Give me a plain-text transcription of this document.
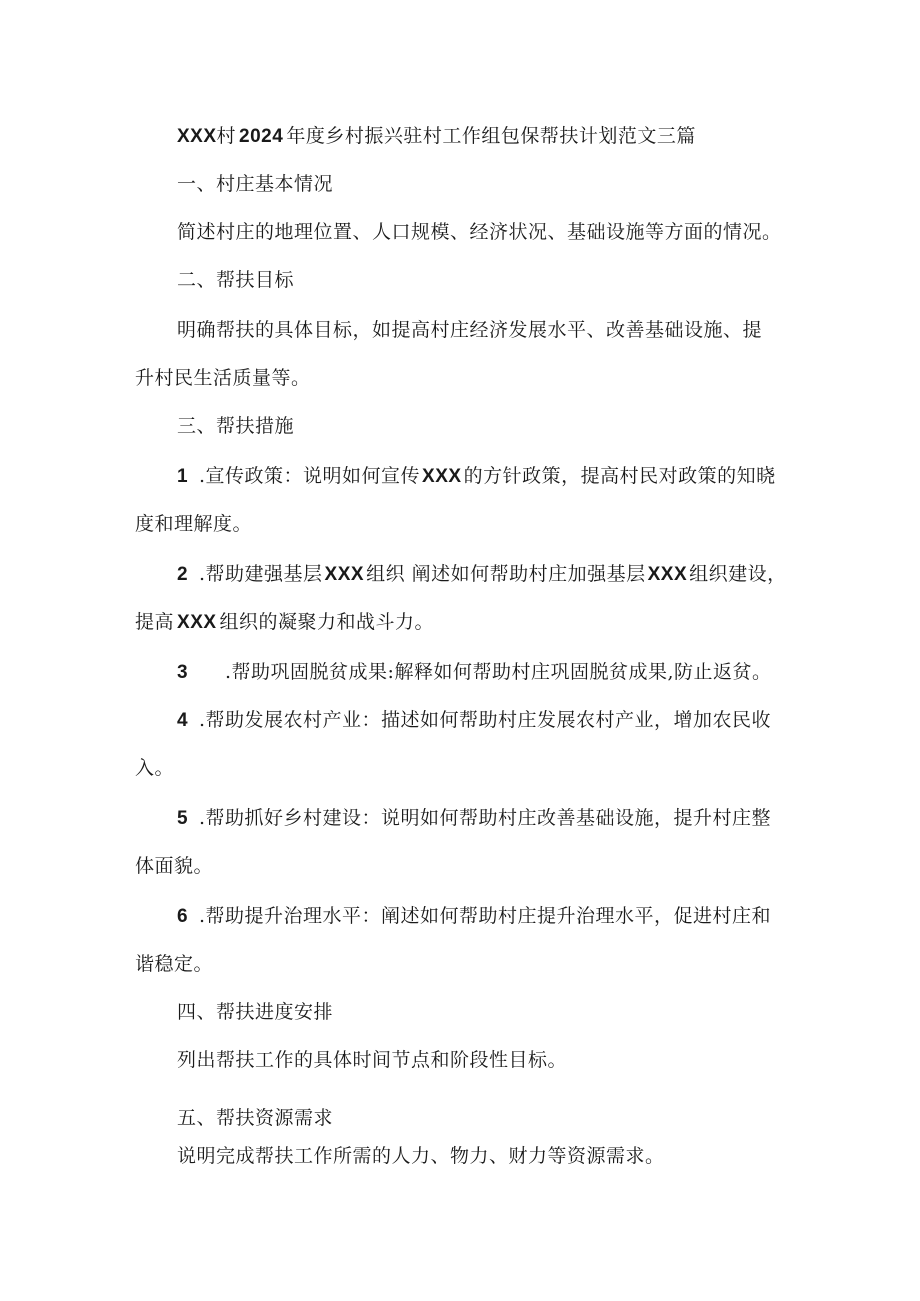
XXX村 2024 年度乡村振兴驻村工作组包保帮扶计划范文三篇
一、村庄基本情况
简述村庄的地理位置、人口规模、经济状况、基础设施等方面的情况。
二、帮扶目标
明确帮扶的具体目标，如提高村庄经济发展水平、改善基础设施、提
升村民生活质量等。
三、帮扶措施
1 .宣传政策：说明如何宣传 XXX 的方针政策，提高村民对政策的知晓
度和理解度。
2 .帮助建强基层 XXX 组织 阐述如何帮助村庄加强基层 XXX 组织建设，
提高 XXX 组织的凝聚力和战斗力。
3 .帮助巩固脱贫成果:解释如何帮助村庄巩固脱贫成果,防止返贫。
4 .帮助发展农村产业：描述如何帮助村庄发展农村产业，增加农民收
入。
5 .帮助抓好乡村建设：说明如何帮助村庄改善基础设施，提升村庄整
体面貌。
6 .帮助提升治理水平：阐述如何帮助村庄提升治理水平，促进村庄和
谐稳定。
四、帮扶进度安排
列出帮扶工作的具体时间节点和阶段性目标。
五、帮扶资源需求
说明完成帮扶工作所需的人力、物力、财力等资源需求。
